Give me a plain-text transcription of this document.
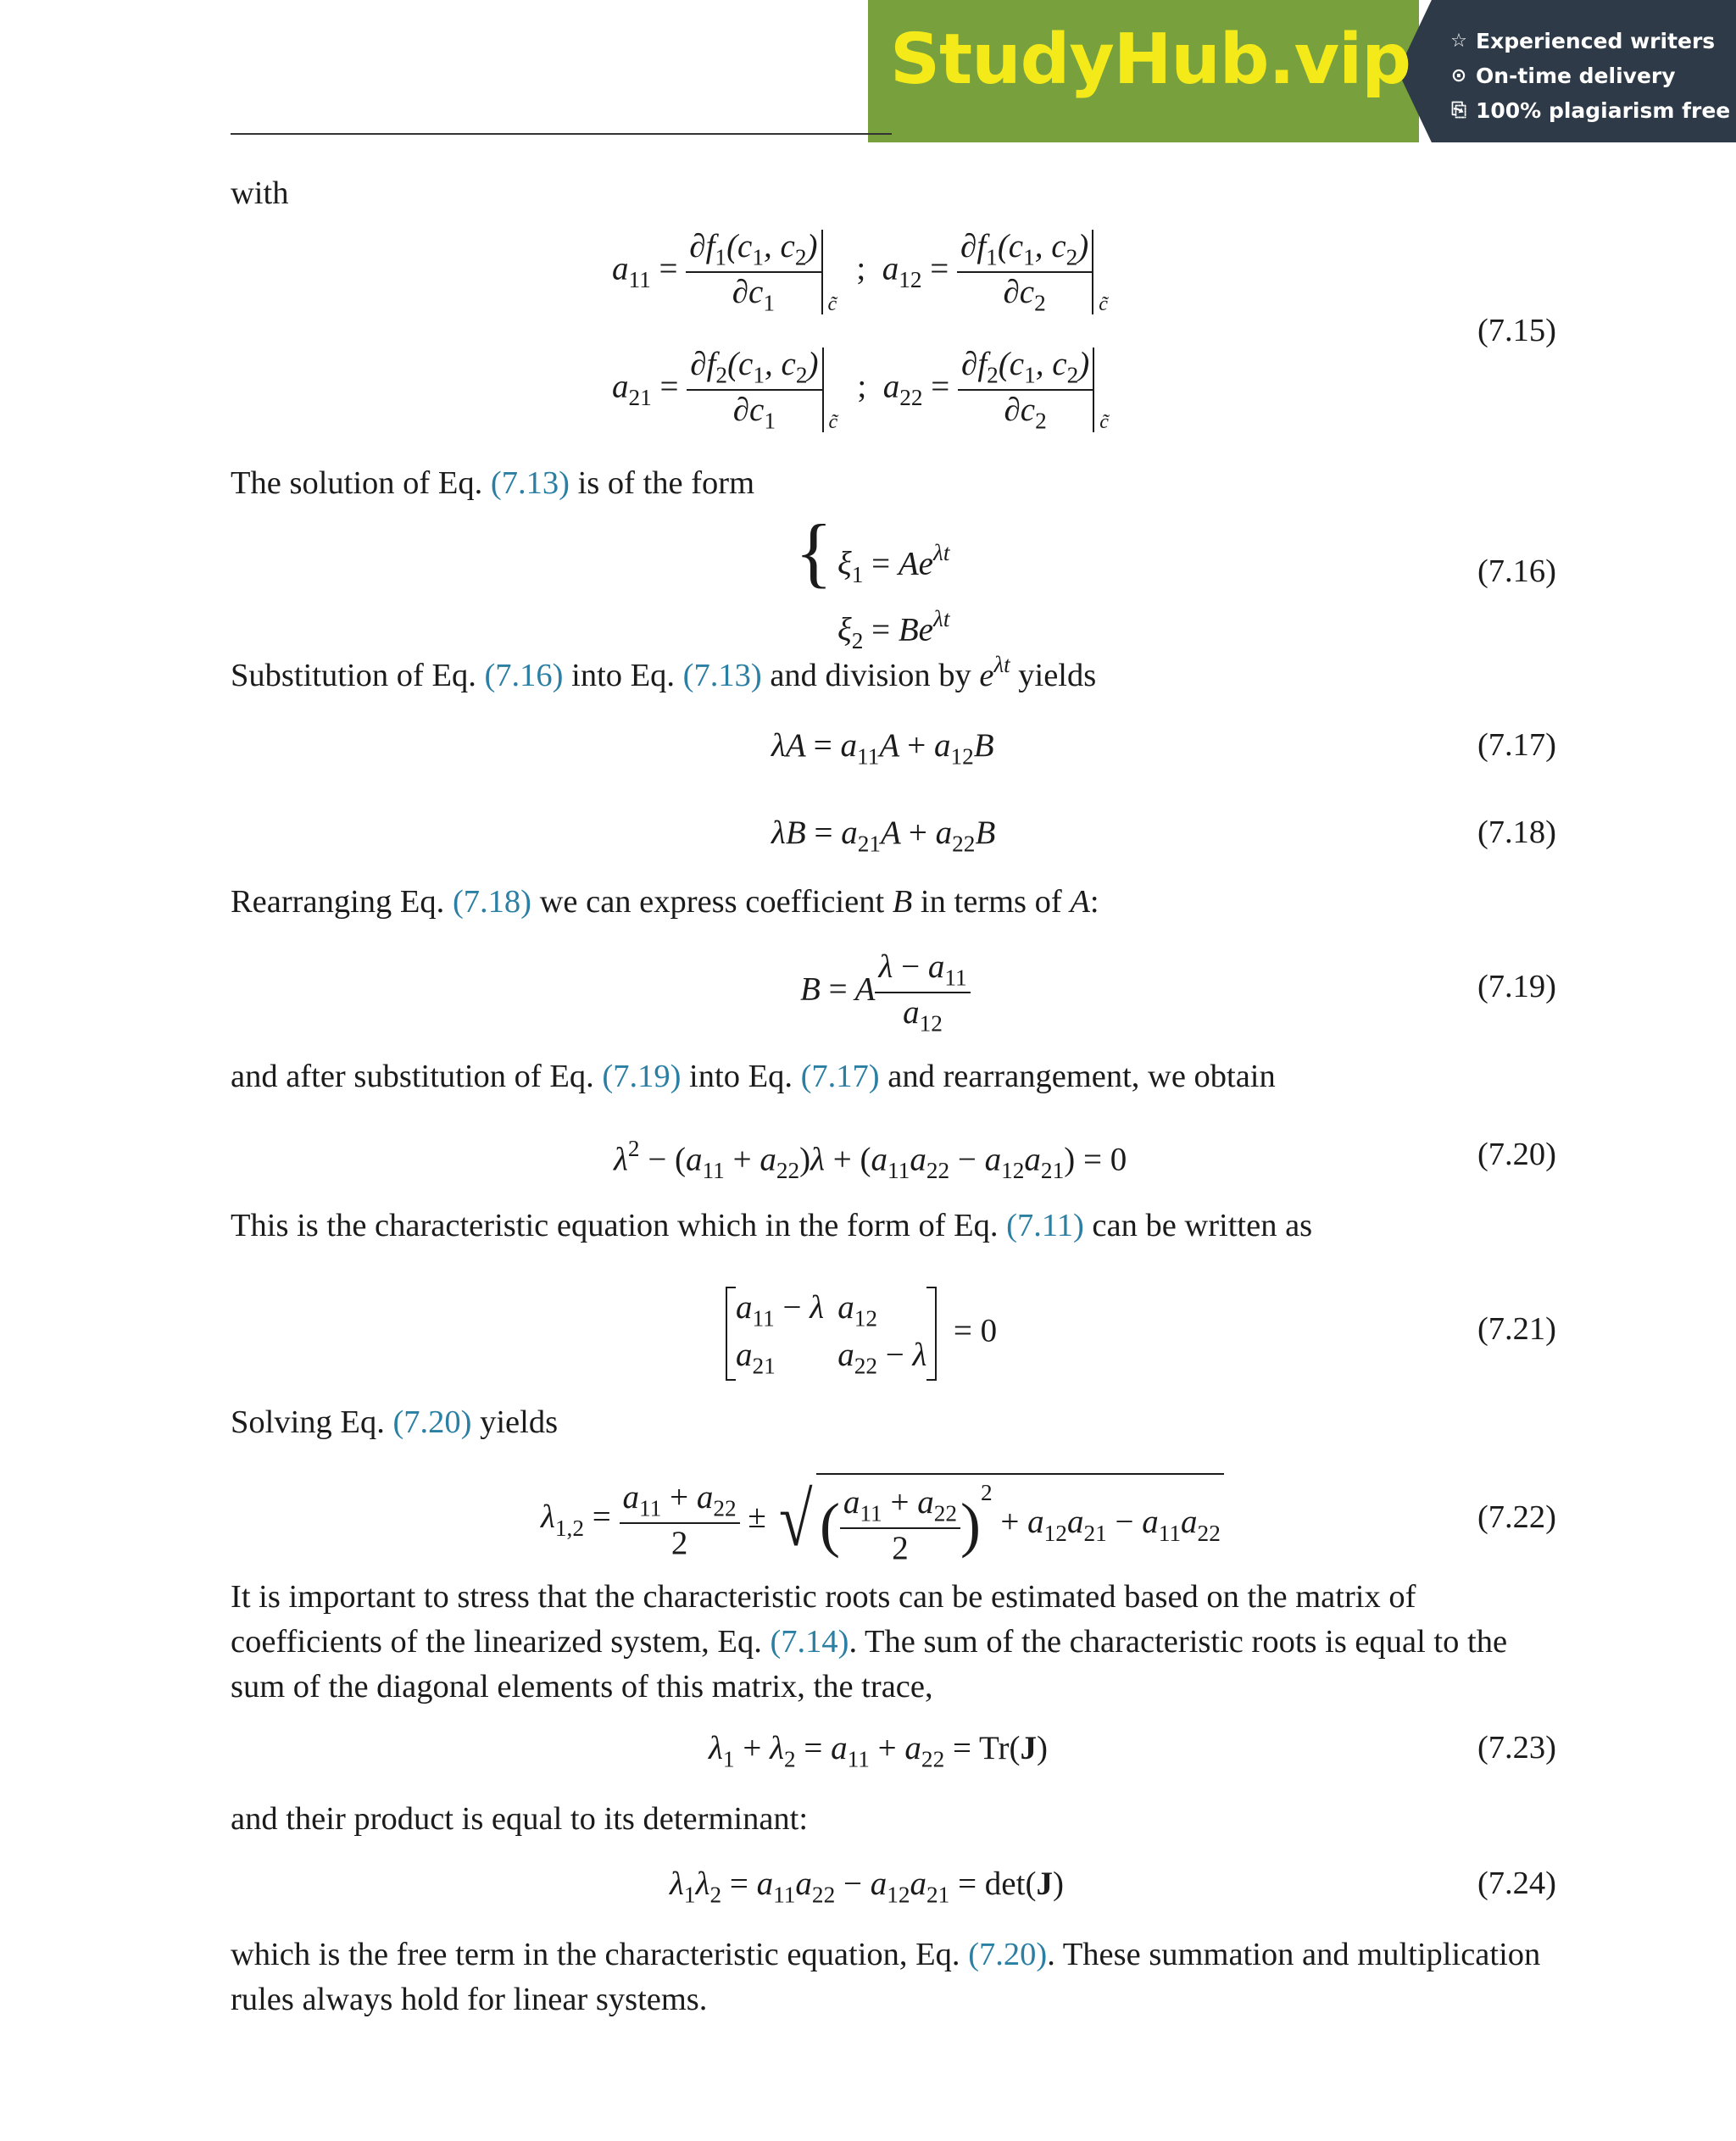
StudyHub.vip ☆ Experienced writers
⊙ On-time delivery
⎘ 100% plagiarism free
with
$a_{11} = \frac{\partial f_1(c_1, c_2)}{\partial c_1} _{c̃}$   ;  $a_{12} = \frac{\partial f_1(c_1, c_2)}{\partial c_2} _{c̃}$
$a_{21} = \frac{\partial f_2(c_1, c_2)}{\partial c_1} _{c̃}$   ;  $a_{22} = \frac{\partial f_2(c_1, c_2)}{\partial c_2} _{c̃}$
(7.15)
The solution of Eq. (7.13) is of the form
{ $\xi_1 = Ae^{\lambda t}$
$\xi_2 = Be^{\lambda t}$
(7.16)
Substitution of Eq. (7.16) into Eq. (7.13) and division by $e^{\lambda t}$ yields
$\lambda A = a_{11}A + a_{12}B$	(7.17)
$\lambda B = a_{21}A + a_{22}B$	(7.18)
Rearranging Eq. (7.18) we can express coefficient B in terms of A:
B = A $\frac{\lambda - a_{11}}{a_{12}}$	(7.19)
and after substitution of Eq. (7.19) into Eq. (7.17) and rearrangement, we obtain
$\lambda^2 - (a_{11} + a_{22})\lambda + (a_{11}a_{22} - a_{12}a_{21}) = 0$	(7.20)
This is the characteristic equation which in the form of Eq. (7.11) can be written as
$a_{11} - \lambda$	$a_{12}$
$a_{21}$	$a_{22} - \lambda$
= 0	(7.21)
Solving Eq. (7.20) yields
$\lambda_{1,2} = \frac{a_{11} + a_{22}}{2}$ ± √ ( $\frac{a_{11} + a_{22}}{2} )^2 + a_{12}a_{21} - a_{11}a_{22}$	(7.22)
It is important to stress that the characteristic roots can be estimated based on the matrix of coefficients of the linearized system, Eq. (7.14). The sum of the characteristic roots is equal to the sum of the diagonal elements of this matrix, the trace,
$\lambda_1 + \lambda_2 = a_{11} + a_{22} = Tr(J)$	(7.23)
and their product is equal to its determinant:
$\lambda_1\lambda_2 = a_{11}a_{22} - a_{12}a_{21} = \det(J)$	(7.24)
which is the free term in the characteristic equation, Eq. (7.20). These summation and multiplication rules always hold for linear systems.
